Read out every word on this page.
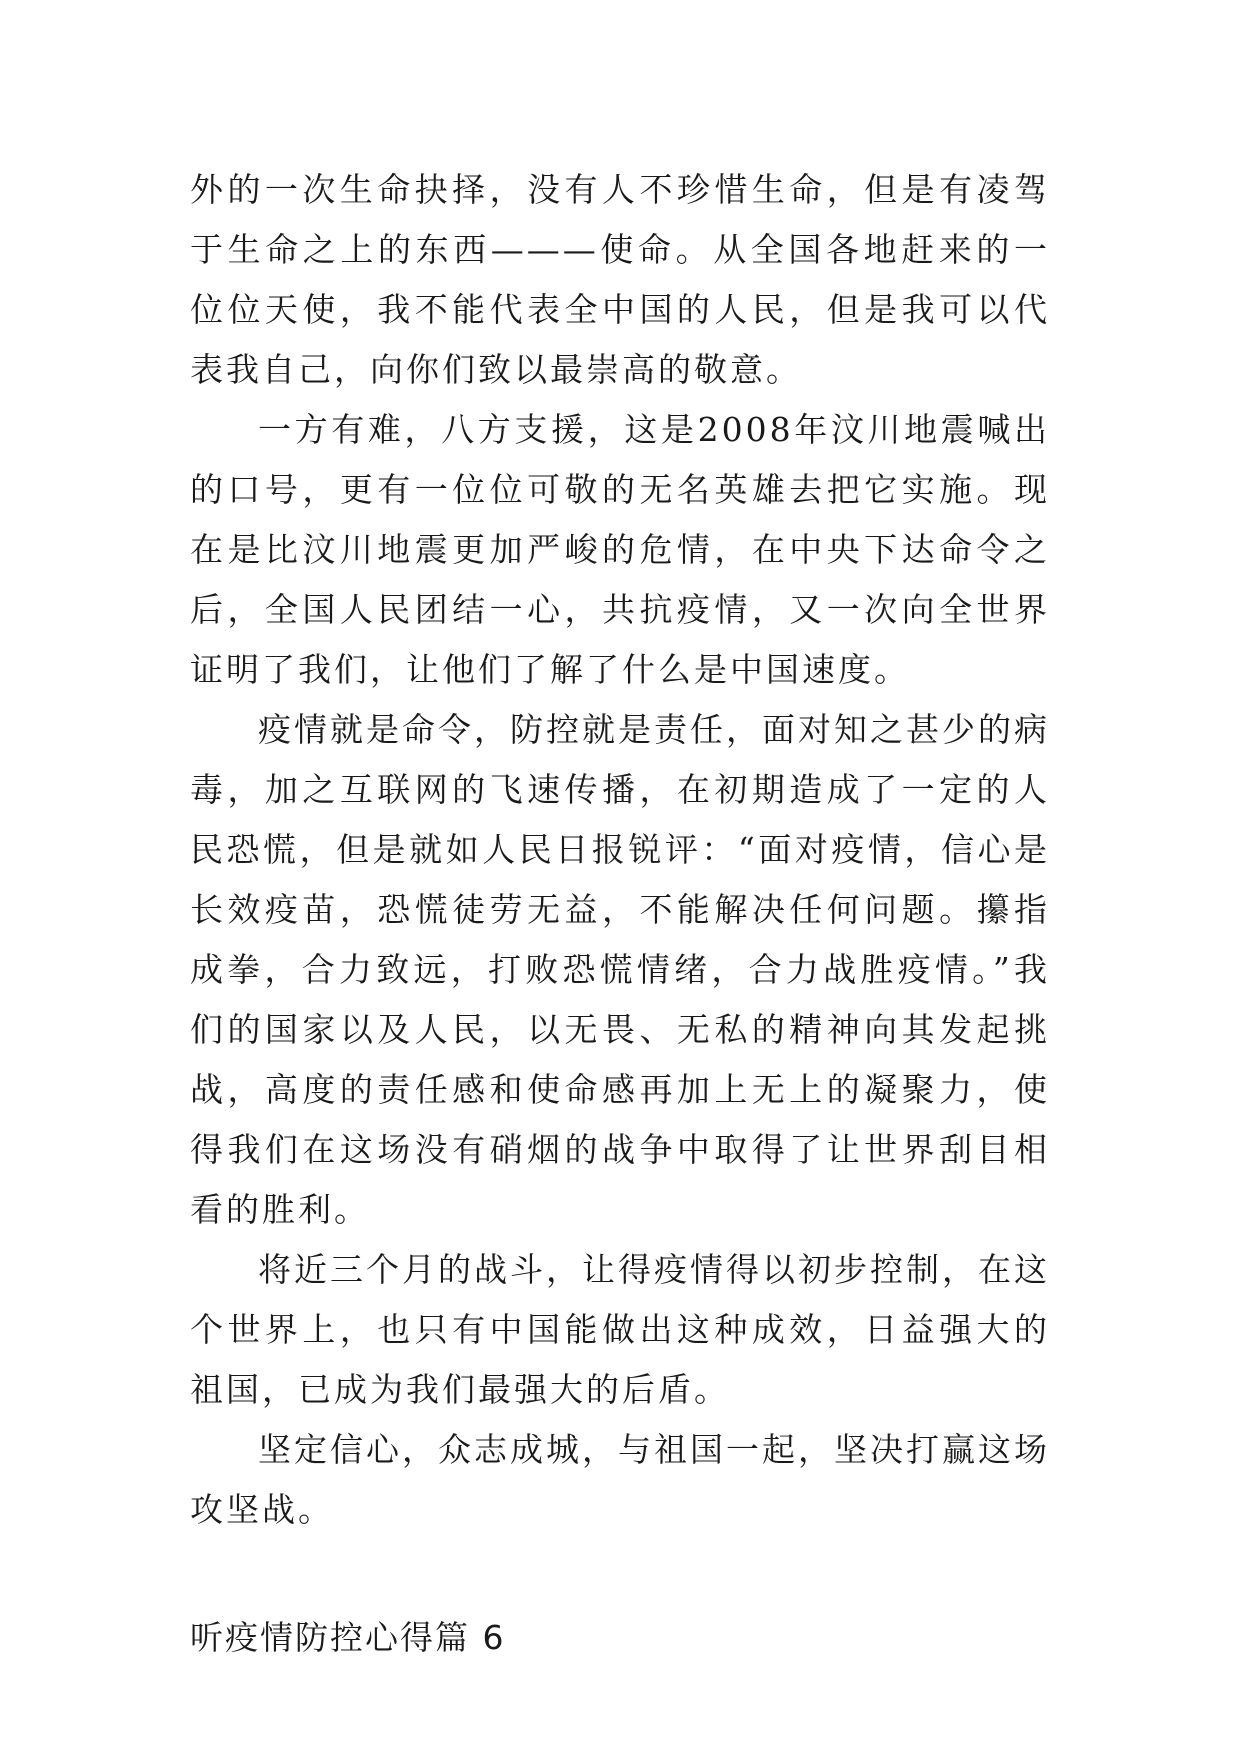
外的一次生命抉择，没有人不珍惜生命，但是有凌驾于生命之上的东西———使命。从全国各地赶来的一位位天使，我不能代表全中国的人民，但是我可以代表我自己，向你们致以最崇高的敬意。

一方有难，八方支援，这是2008年汶川地震喊出的口号，更有一位位可敬的无名英雄去把它实施。现在是比汶川地震更加严峻的危情，在中央下达命令之后，全国人民团结一心，共抗疫情，又一次向全世界证明了我们，让他们了解了什么是中国速度。

疫情就是命令，防控就是责任，面对知之甚少的病毒，加之互联网的飞速传播，在初期造成了一定的人民恐慌，但是就如人民日报锐评：“面对疫情，信心是长效疫苗，恐慌徒劳无益，不能解决任何问题。攥指成拳，合力致远，打败恐慌情绪，合力战胜疫情。”我们的国家以及人民，以无畏、无私的精神向其发起挑战，高度的责任感和使命感再加上无上的凝聚力，使得我们在这场没有硝烟的战争中取得了让世界刮目相看的胜利。

将近三个月的战斗，让得疫情得以初步控制，在这个世界上，也只有中国能做出这种成效，日益强大的祖国，已成为我们最强大的后盾。

坚定信心，众志成城，与祖国一起，坚决打赢这场攻坚战。

听疫情防控心得篇 6
